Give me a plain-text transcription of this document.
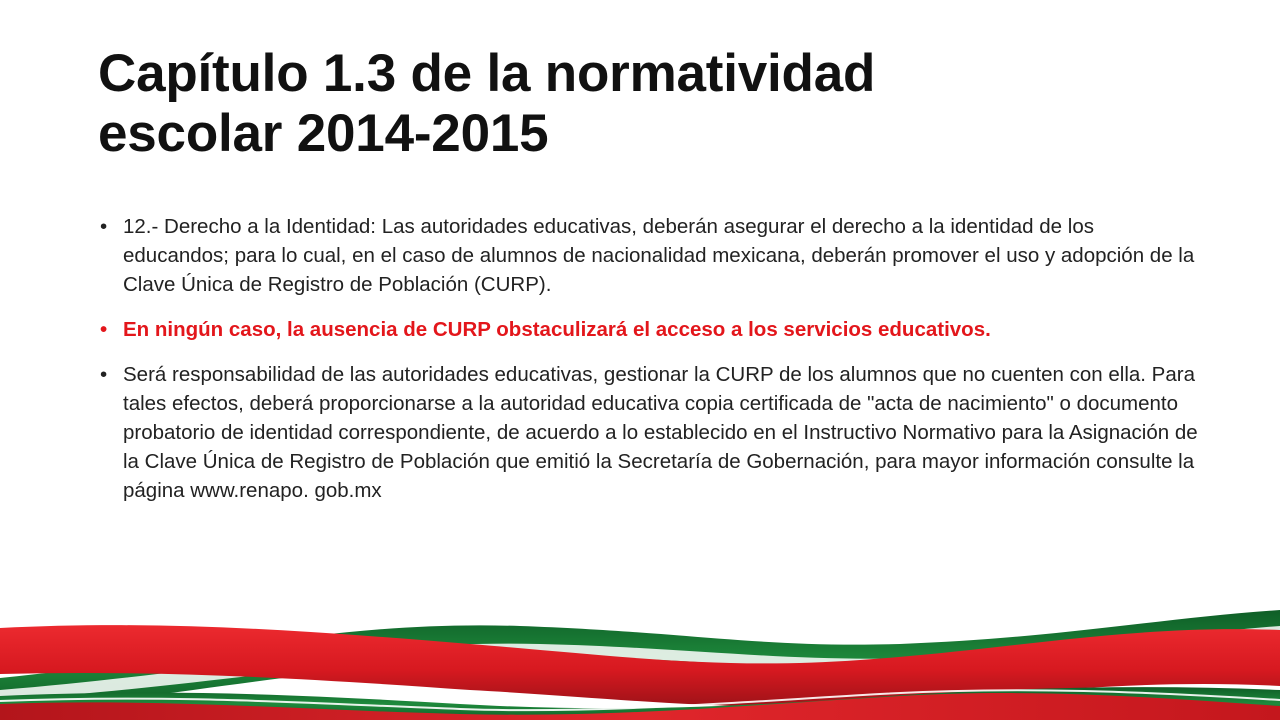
Capítulo 1.3 de la normatividad
escolar 2014-2015
• 12.- Derecho a la Identidad: Las autoridades educativas, deberán asegurar el derecho a la identidad de los educandos; para lo cual, en el caso de alumnos de nacionalidad mexicana, deberán promover el uso y adopción de la Clave Única de Registro de Población (CURP).
• En ningún caso, la ausencia de CURP obstaculizará el acceso a los servicios educativos.
• Será responsabilidad de las autoridades educativas, gestionar la CURP de los alumnos que no cuenten con ella. Para tales efectos, deberá proporcionarse a la autoridad educativa copia certificada de "acta de nacimiento" o documento probatorio de identidad correspondiente, de acuerdo a lo establecido en el Instructivo Normativo para la Asignación de la Clave Única de Registro de Población que emitió la Secretaría de Gobernación, para mayor información consulte la página www.renapo. gob.mx
